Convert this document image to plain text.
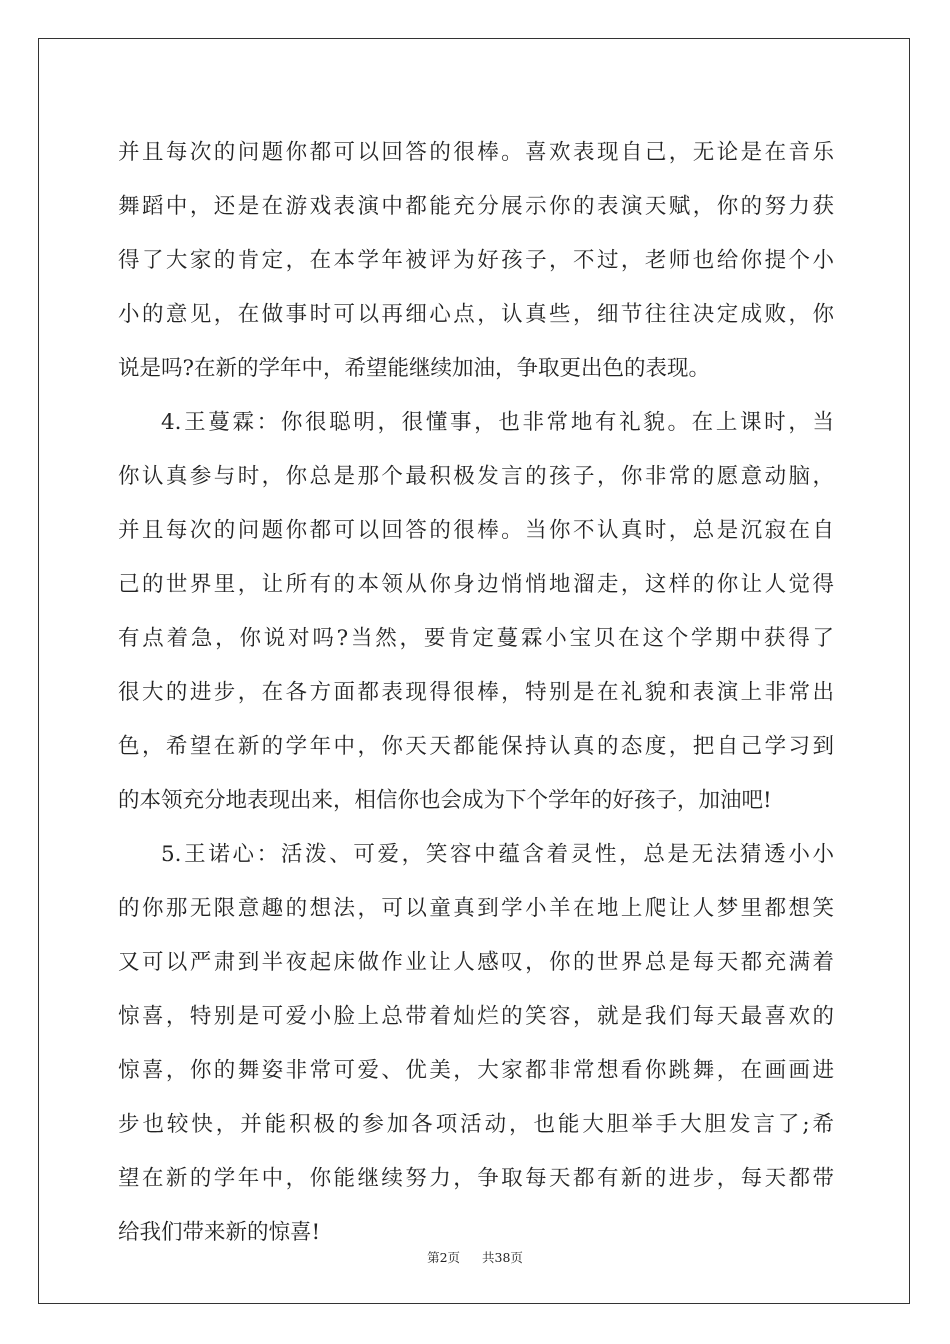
并且每次的问题你都可以回答的很棒。喜欢表现自己，无论是在音乐
舞蹈中，还是在游戏表演中都能充分展示你的表演天赋，你的努力获
得了大家的肯定，在本学年被评为好孩子，不过，老师也给你提个小
小的意见，在做事时可以再细心点，认真些，细节往往决定成败，你
说是吗?在新的学年中，希望能继续加油，争取更出色的表现。
4.王蔓霖：你很聪明，很懂事，也非常地有礼貌。在上课时，当
你认真参与时，你总是那个最积极发言的孩子，你非常的愿意动脑，
并且每次的问题你都可以回答的很棒。当你不认真时，总是沉寂在自
己的世界里，让所有的本领从你身边悄悄地溜走，这样的你让人觉得
有点着急，你说对吗?当然，要肯定蔓霖小宝贝在这个学期中获得了
很大的进步，在各方面都表现得很棒，特别是在礼貌和表演上非常出
色，希望在新的学年中，你天天都能保持认真的态度，把自己学习到
的本领充分地表现出来，相信你也会成为下个学年的好孩子，加油吧!
5.王诺心：活泼、可爱，笑容中蕴含着灵性，总是无法猜透小小
的你那无限意趣的想法，可以童真到学小羊在地上爬让人梦里都想笑
又可以严肃到半夜起床做作业让人感叹，你的世界总是每天都充满着
惊喜，特别是可爱小脸上总带着灿烂的笑容，就是我们每天最喜欢的
惊喜，你的舞姿非常可爱、优美，大家都非常想看你跳舞，在画画进
步也较快，并能积极的参加各项活动，也能大胆举手大胆发言了;希
望在新的学年中，你能继续努力，争取每天都有新的进步，每天都带
给我们带来新的惊喜!
第2页 共38页
